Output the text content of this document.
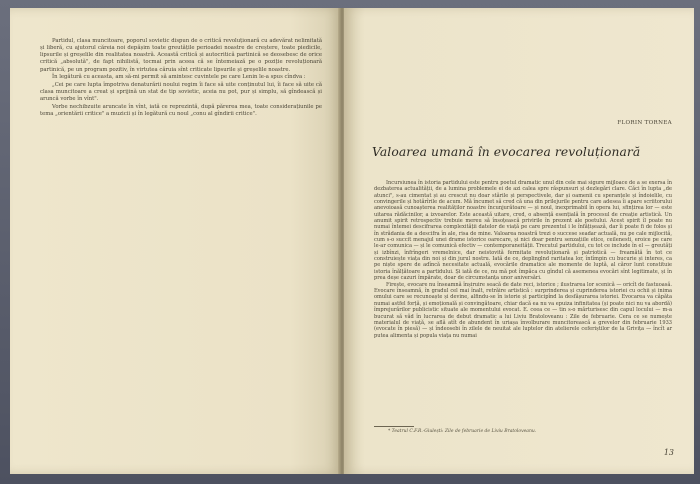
Partidul, clasa muncitoare, poporul sovietic dispun de o critică revoluționară cu adevărat nelimitată și liberă, cu ajutorul căreia noi depășim toate greutățile perioadei noastre de creștere, toate piedicile, lipsurile și greșelile din realitatea noastră. Această critică și autocritică partinică se deosebesc de orice critică „absolută", de fapt nihilistă, tocmai prin aceea că se întemeiază pe o poziție revoluționară partinică, pe un program pozitiv, în virtutea căruia sînt criticate lipsurile și greșelile noastre.

În legătură cu aceasta, am să-mi permit să amintesc cuvintele pe care Lenin le-a spus cîndva :

„Cei pe care lupta împotriva denaturării noului regim îi face să uite conținutul lui, îi face să uite că clasa muncitoare a creat și sprijină un stat de tip sovietic, aceia nu pot, pur și simplu, să gîndească și aruncă vorbe în vînt".

Vorbe nechibzuite aruncate în vînt, iată ce reprezintă, după părerea mea, toate considerațiunile pe tema „orientării critice" a muzicii și în legătură cu noul „conu al gîndirii critice".

FLORIN TORNEA
Valoarea umană în evocarea revoluționară

Incursiunea în istoria partidului este pentru poetul dramatic unul din cele mai sigure mijloace de a se exersa în dezbaterea actualității, de a lumina problemele ei de azi calea spre răspunsuri și dezlegări clare. Căci în lupta „de atunci", s-au cimentat și au crescut nu doar stările și perspectivele, dar și oamenii cu speranțele și îndoielile, cu convingerile și hotărîrile de acum. Mă încumet să cred că una din prilejurile pentru care adesea îi apare scriitorului anevoioasă cunoașterea realităților noastre încunjurătoare — și noul, inexprimabil în opera lui, sfințirea lor — este uitarea rădăcinilor, a izvoarelor. Este această uitare, cred, o absență esențială în procesul de creație artistică. Un anumit spirit retrospectiv trebuie mereu să însoțească privirile în prezent ale poetului. Acest spirit îl poate nu numai întemei descifrarea complexității datelor de viață pe care prezentul i le înfățișează, dar îi poate fi de folos și în strădania de a descifra în ale, risa de mine. Valoarea noastră trezi o succese seadar actuală, nu pe cale mijlocită, cum s-o succit menajul unei drame istorice oarecare, și nici doar pentru senzațiile etice, ceilenesti, eroice pe care le-ar comunica — și le comunică efectiv — contemporaneității. Trecutul partidului, cu tot ce include în el — greutăți și izbînzi, înfrîngeri vremelnice, dar neistovită fermitate revoluționară și patriotică — freamătă în tot ce construiește viața din noi și din jurul nostru. Iată de ce, deplinglnd raritatea lor, întîmpin cu bucurie și interes, ca pe niște spere de adîncă necesitate actuală, evocările dramatice ale momente de luptă, al căror lunt constituie istoria înălțătoare a partidului. Și iată de ce, nu mă pot împăca cu gîndul că asemenea evocări sînt legitimate, și în prea deșe cazuri împărate, doar de circumstanța unor aniversări.

Firește, evocare nu înseamnă înșiruire seacă de date reci, istorice ; ilustrarea lor scenică — oricît de fastuoasă. Evocare înseamnă, în gradul cel mai înalt, retrăire artistică : surprinderea și cuprinderea istoriei cu ochii și inima omului care se recunoaște și devine, alfindu-se în istorie și participînd la desfășurarea istoriei. Evocarea va căpăta numai astfel forță, și emoțională și convingătoare, chiar dacă ea nu va epuiza infinitatea (și poate nici nu va abordă) împrejurărilor publicistic situate ale momentului evocat. E. ceea ce — tin s-o mărturisesc din capul locului — m-a bucurat să văd în lucrarea de debut dramatic a lui Liviu Bratoloveanu : Zile de februarie. Cera ce se numește materialul de viață, se află atît de abundent în uriașa învolburare muncitorească a grevelor din februarie 1933 (evocate în piesă) — și îndeosebi în zilele de neuitat ale luptelor din atelierele ceferiștilor de la Grivița — încît ar putea alimenta și popula viața nu numai

* Teatrul C.F.R.-Giulești: Zile de februarie de Liviu Bratoloveanu.
13
